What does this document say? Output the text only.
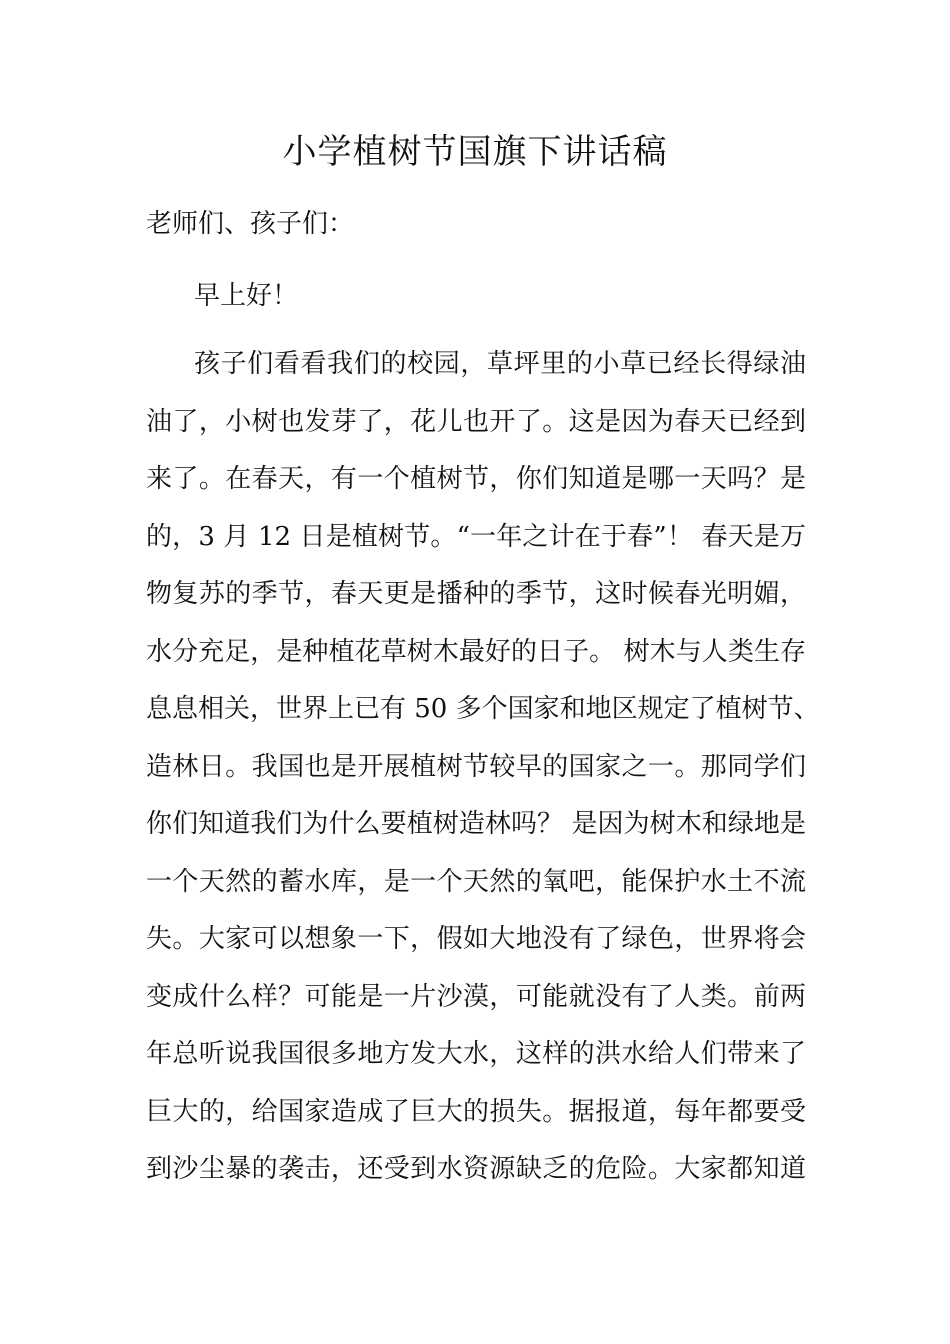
小学植树节国旗下讲话稿

老师们、孩子们：

早上好！

孩子们看看我们的校园，草坪里的小草已经长得绿油
油了，小树也发芽了，花儿也开了。这是因为春天已经到
来了。在春天，有一个植树节，你们知道是哪一天吗？是
的，3 月 12 日是植树节。“一年之计在于春”！ 春天是万
物复苏的季节，春天更是播种的季节，这时候春光明媚，
水分充足，是种植花草树木最好的日子。 树木与人类生存
息息相关，世界上已有 50 多个国家和地区规定了植树节、
造林日。我国也是开展植树节较早的国家之一。那同学们
你们知道我们为什么要植树造林吗？ 是因为树木和绿地是
一个天然的蓄水库，是一个天然的氧吧，能保护水土不流
失。大家可以想象一下，假如大地没有了绿色，世界将会
变成什么样？可能是一片沙漠，可能就没有了人类。前两
年总听说我国很多地方发大水，这样的洪水给人们带来了
巨大的，给国家造成了巨大的损失。据报道，每年都要受
到沙尘暴的袭击，还受到水资源缺乏的危险。大家都知道
